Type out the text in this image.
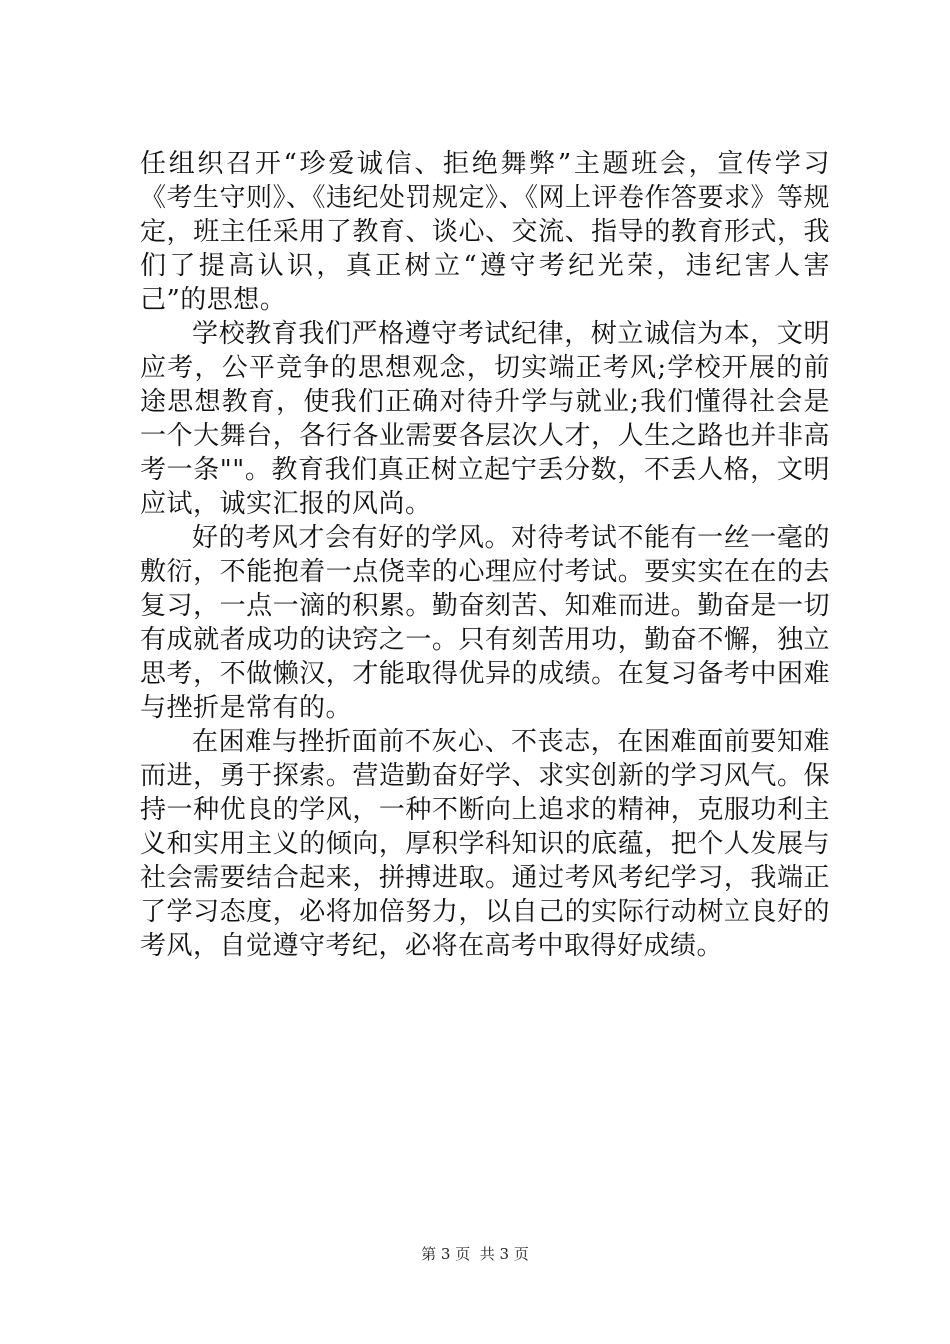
任组织召开“珍爱诚信、拒绝舞弊”主题班会，宣传学习《考生守则》、《违纪处罚规定》、《网上评卷作答要求》等规定，班主任采用了教育、谈心、交流、指导的教育形式，我们了提高认识，真正树立“遵守考纪光荣，违纪害人害己”的思想。

学校教育我们严格遵守考试纪律，树立诚信为本，文明应考，公平竞争的思想观念，切实端正考风;学校开展的前途思想教育，使我们正确对待升学与就业;我们懂得社会是一个大舞台，各行各业需要各层次人才，人生之路也并非高考一条""。教育我们真正树立起宁丢分数，不丢人格，文明应试，诚实汇报的风尚。

好的考风才会有好的学风。对待考试不能有一丝一毫的敷衍，不能抱着一点侥幸的心理应付考试。要实实在在的去复习，一点一滴的积累。勤奋刻苦、知难而进。勤奋是一切有成就者成功的诀窍之一。只有刻苦用功，勤奋不懈，独立思考，不做懒汉，才能取得优异的成绩。在复习备考中困难与挫折是常有的。

在困难与挫折面前不灰心、不丧志，在困难面前要知难而进，勇于探索。营造勤奋好学、求实创新的学习风气。保持一种优良的学风，一种不断向上追求的精神，克服功利主义和实用主义的倾向，厚积学科知识的底蕴，把个人发展与社会需要结合起来，拼搏进取。通过考风考纪学习，我端正了学习态度，必将加倍努力，以自己的实际行动树立良好的考风，自觉遵守考纪，必将在高考中取得好成绩。

第 3 页  共 3 页
